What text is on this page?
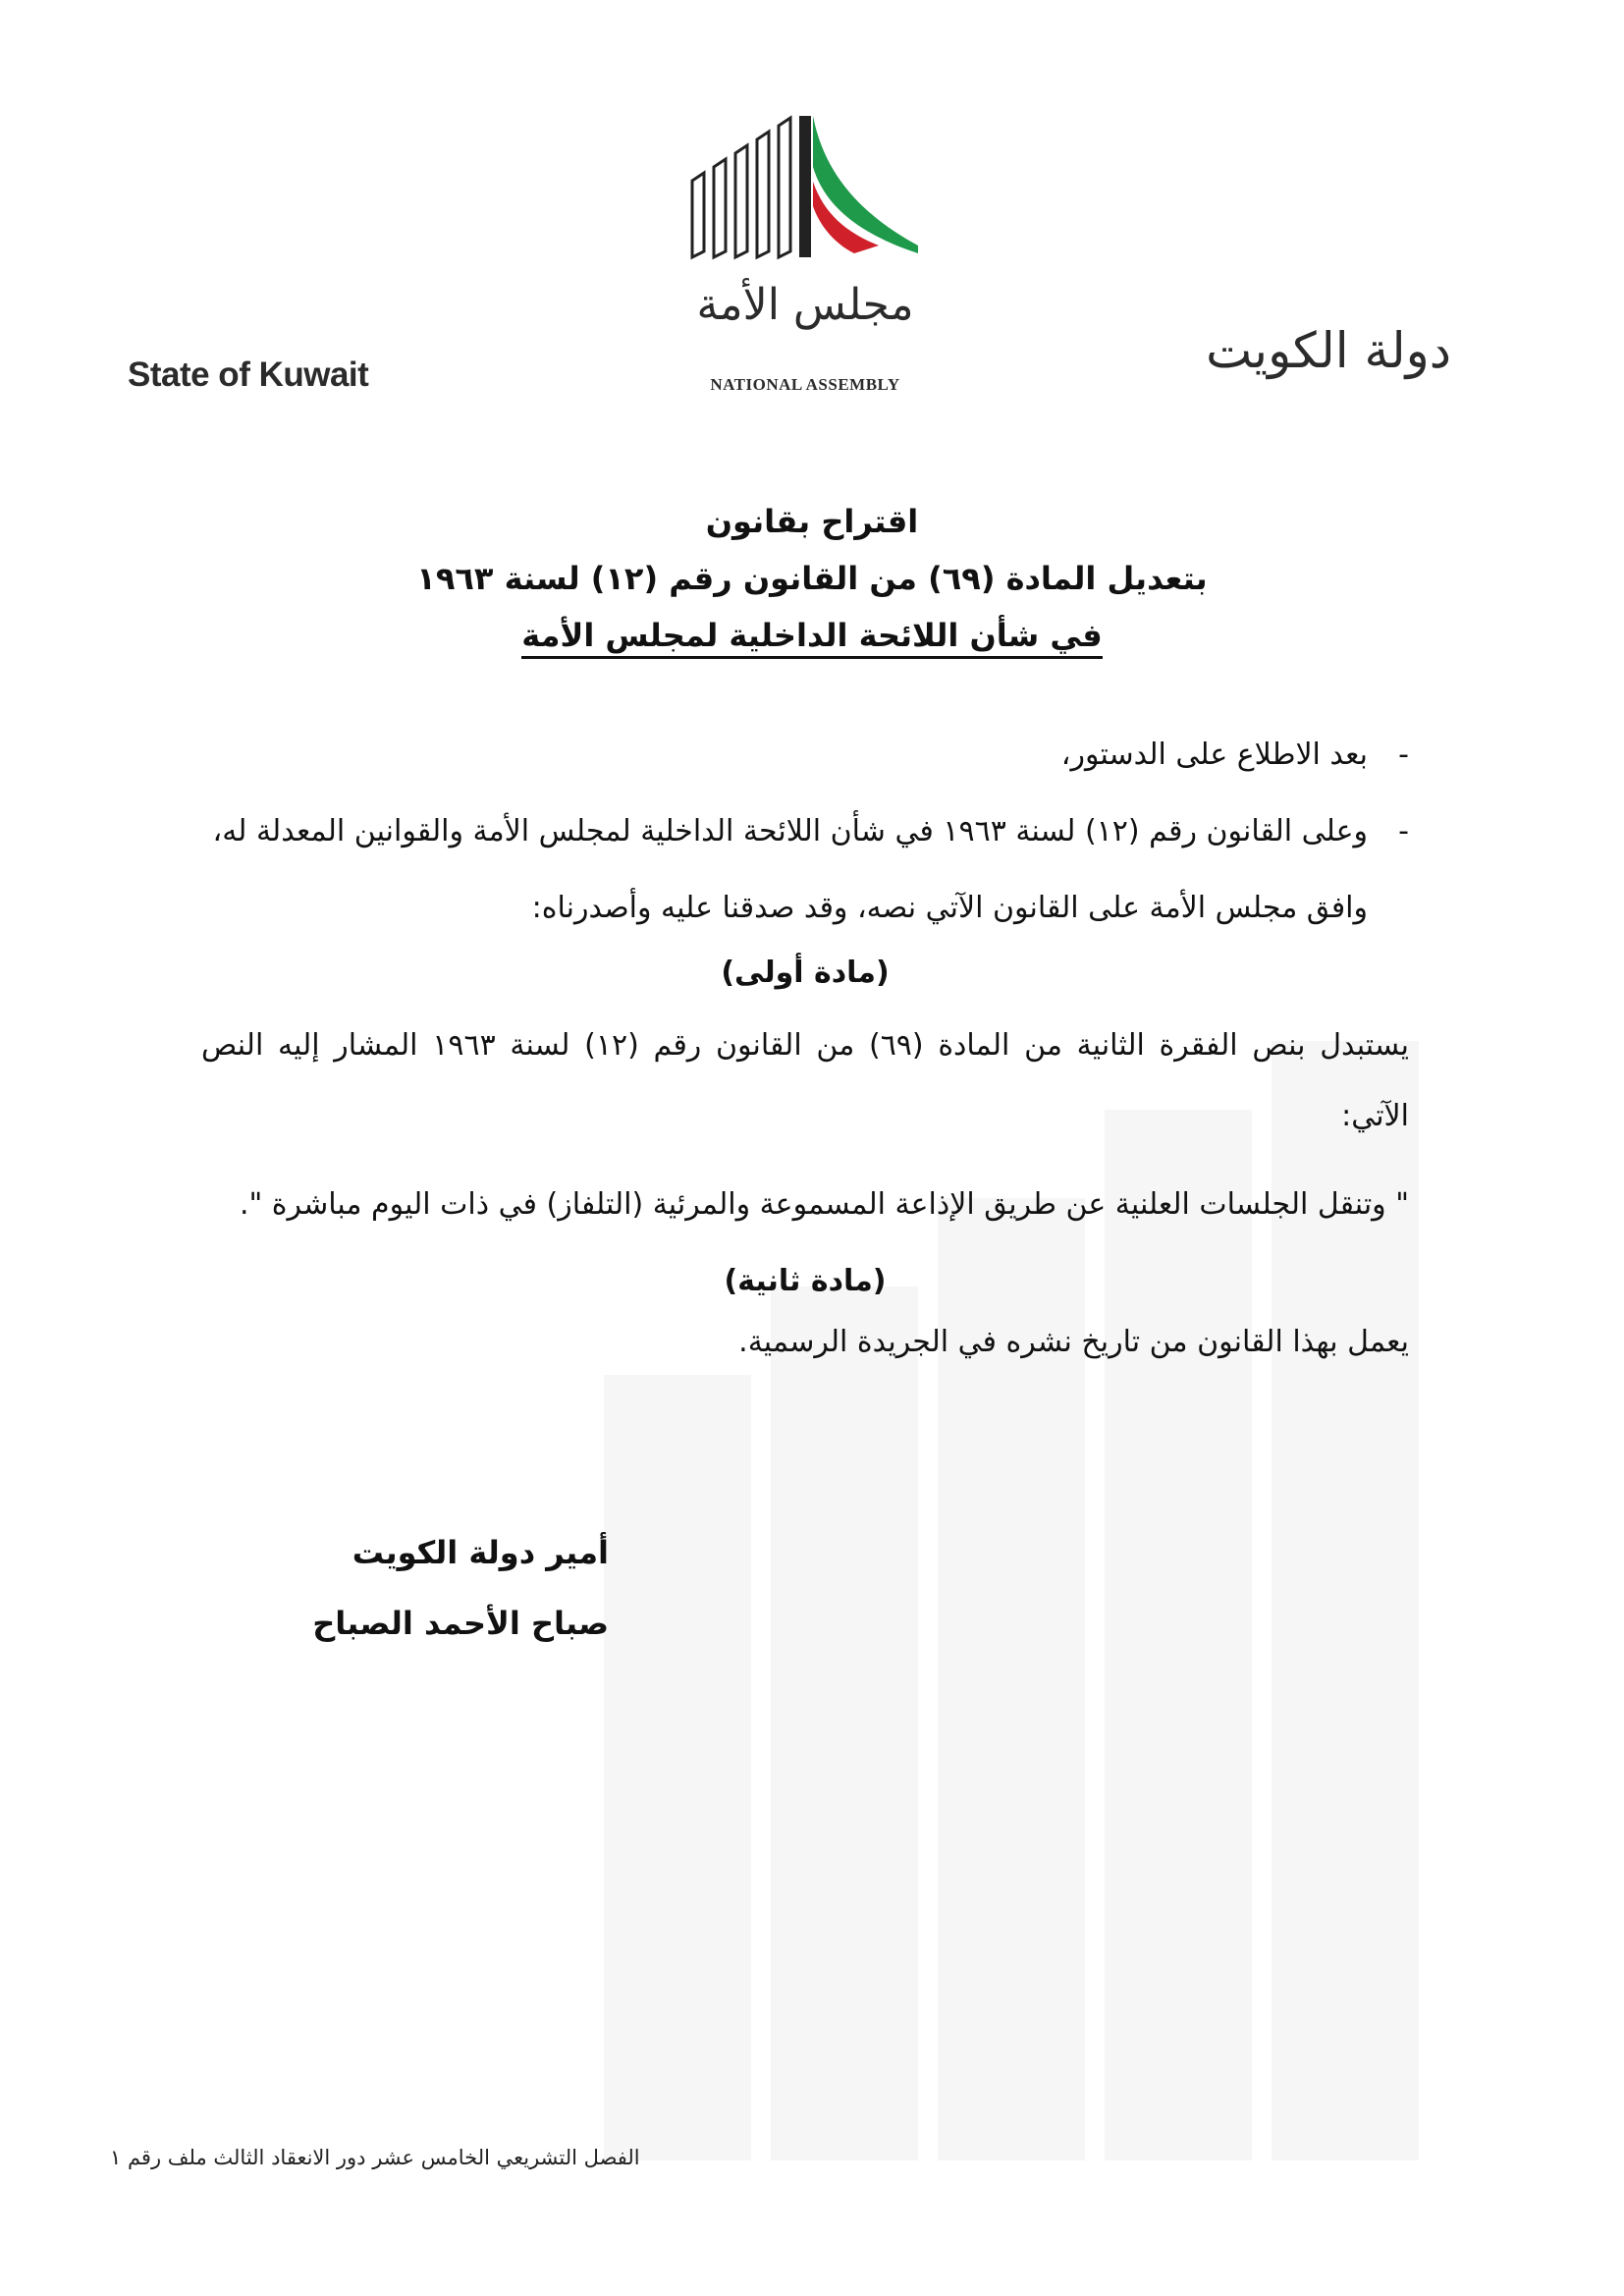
State of Kuwait	دولة الكويت
مجلس الأمة
NATIONAL ASSEMBLY
اقتراح بقانون
بتعديل المادة (٦٩) من القانون رقم (١٢) لسنة ١٩٦٣
في شأن اللائحة الداخلية لمجلس الأمة
-
بعد الاطلاع على الدستور،
-
وعلى القانون رقم (١٢) لسنة ١٩٦٣ في شأن اللائحة الداخلية لمجلس الأمة والقوانين المعدلة له،
وافق مجلس الأمة على القانون الآتي نصه، وقد صدقنا عليه وأصدرناه:
(مادة أولى)
يستبدل بنص الفقرة الثانية من المادة (٦٩) من القانون رقم (١٢) لسنة ١٩٦٣ المشار إليه النص الآتي:
" وتنقل الجلسات العلنية عن طريق الإذاعة المسموعة والمرئية (التلفاز) في ذات اليوم مباشرة ".
(مادة ثانية)
يعمل بهذا القانون من تاريخ نشره في الجريدة الرسمية.
أمير دولة الكويت
صباح الأحمد الصباح
الفصل التشريعي الخامس عشر دور الانعقاد الثالث ملف رقم ١
